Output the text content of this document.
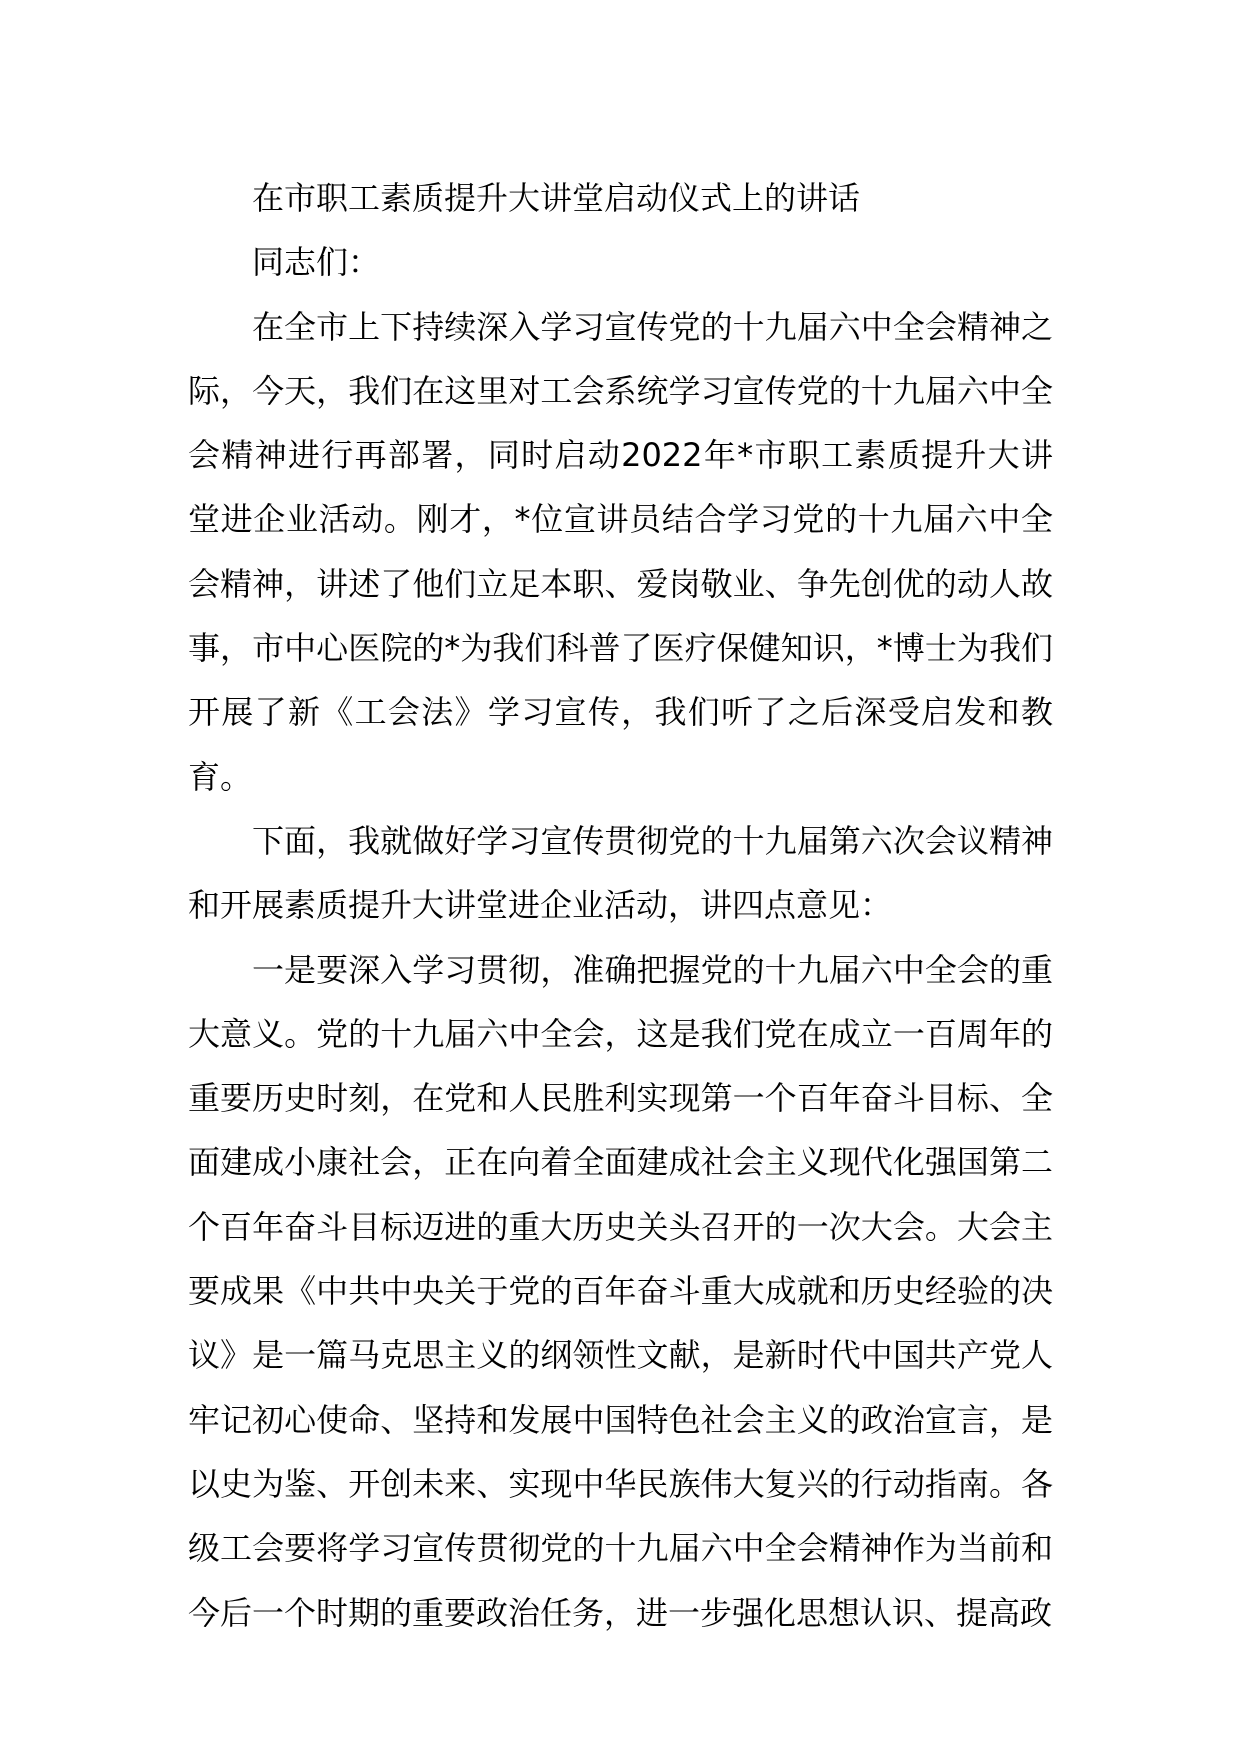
在市职工素质提升大讲堂启动仪式上的讲话

同志们：

在全市上下持续深入学习宣传党的十九届六中全会精神之际，今天，我们在这里对工会系统学习宣传党的十九届六中全会精神进行再部署，同时启动2022年*市职工素质提升大讲堂进企业活动。刚才，*位宣讲员结合学习党的十九届六中全会精神，讲述了他们立足本职、爱岗敬业、争先创优的动人故事，市中心医院的*为我们科普了医疗保健知识，*博士为我们开展了新《工会法》学习宣传，我们听了之后深受启发和教育。

下面，我就做好学习宣传贯彻党的十九届第六次会议精神和开展素质提升大讲堂进企业活动，讲四点意见：

一是要深入学习贯彻，准确把握党的十九届六中全会的重大意义。党的十九届六中全会，这是我们党在成立一百周年的重要历史时刻，在党和人民胜利实现第一个百年奋斗目标、全面建成小康社会，正在向着全面建成社会主义现代化强国第二个百年奋斗目标迈进的重大历史关头召开的一次大会。大会主要成果《中共中央关于党的百年奋斗重大成就和历史经验的决议》是一篇马克思主义的纲领性文献，是新时代中国共产党人牢记初心使命、坚持和发展中国特色社会主义的政治宣言，是以史为鉴、开创未来、实现中华民族伟大复兴的行动指南。各级工会要将学习宣传贯彻党的十九届六中全会精神作为当前和今后一个时期的重要政治任务，进一步强化思想认识、提高政
